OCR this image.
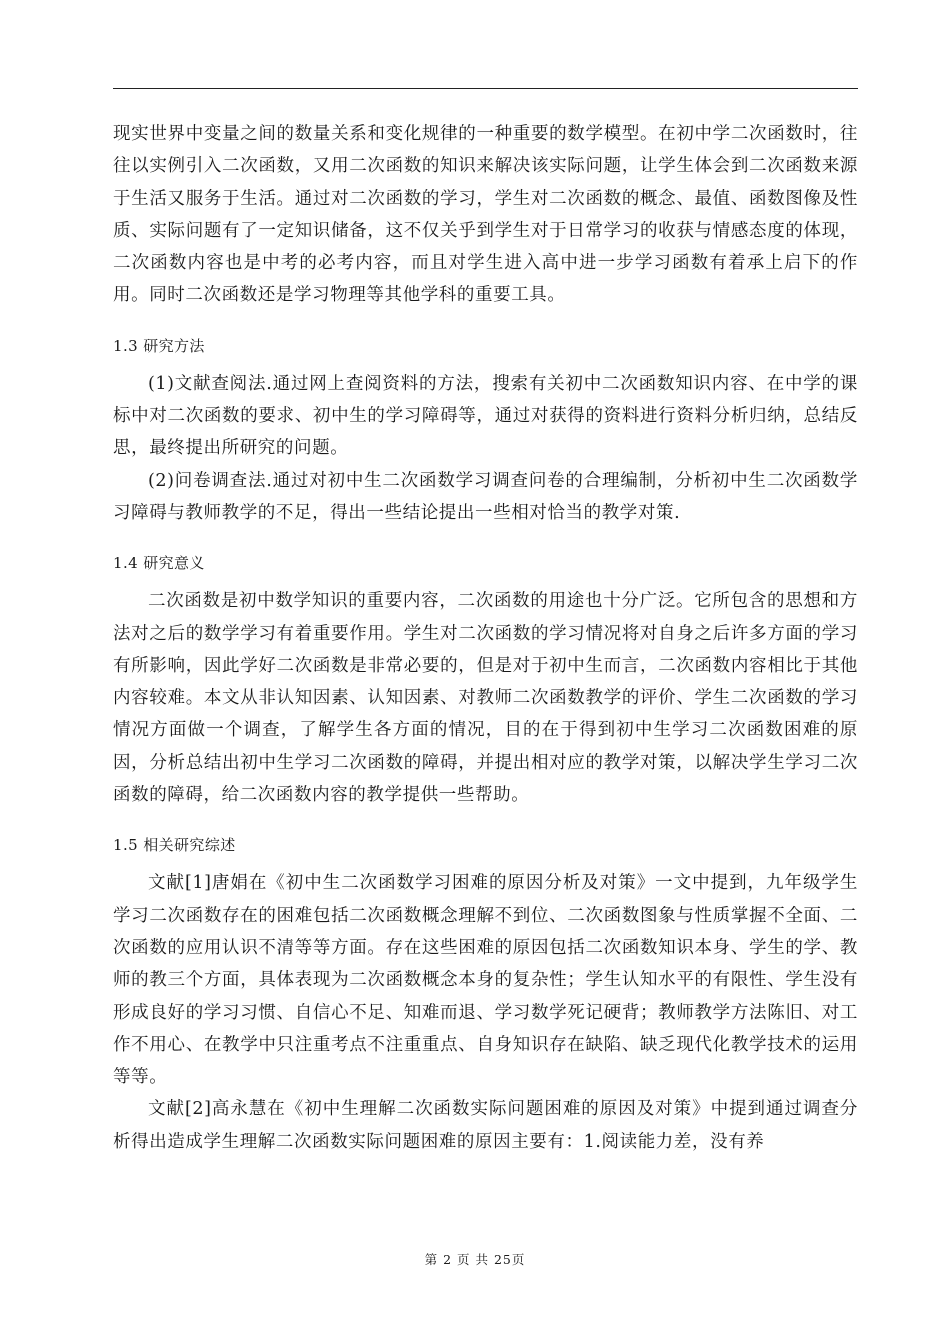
现实世界中变量之间的数量关系和变化规律的一种重要的数学模型。在初中学二次函数时，往往以实例引入二次函数，又用二次函数的知识来解决该实际问题，让学生体会到二次函数来源于生活又服务于生活。通过对二次函数的学习，学生对二次函数的概念、最值、函数图像及性质、实际问题有了一定知识储备，这不仅关乎到学生对于日常学习的收获与情感态度的体现，二次函数内容也是中考的必考内容，而且对学生进入高中进一步学习函数有着承上启下的作用。同时二次函数还是学习物理等其他学科的重要工具。

1.3 研究方法

(1)文献查阅法.通过网上查阅资料的方法，搜索有关初中二次函数知识内容、在中学的课标中对二次函数的要求、初中生的学习障碍等，通过对获得的资料进行资料分析归纳，总结反思，最终提出所研究的问题。

(2)问卷调查法.通过对初中生二次函数学习调查问卷的合理编制，分析初中生二次函数学习障碍与教师教学的不足，得出一些结论提出一些相对恰当的教学对策.

1.4 研究意义

二次函数是初中数学知识的重要内容，二次函数的用途也十分广泛。它所包含的思想和方法对之后的数学学习有着重要作用。学生对二次函数的学习情况将对自身之后许多方面的学习有所影响，因此学好二次函数是非常必要的，但是对于初中生而言，二次函数内容相比于其他内容较难。本文从非认知因素、认知因素、对教师二次函数教学的评价、学生二次函数的学习情况方面做一个调查，了解学生各方面的情况，目的在于得到初中生学习二次函数困难的原因，分析总结出初中生学习二次函数的障碍，并提出相对应的教学对策，以解决学生学习二次函数的障碍，给二次函数内容的教学提供一些帮助。

1.5 相关研究综述

文献[1]唐娟在《初中生二次函数学习困难的原因分析及对策》一文中提到，九年级学生学习二次函数存在的困难包括二次函数概念理解不到位、二次函数图象与性质掌握不全面、二次函数的应用认识不清等等方面。存在这些困难的原因包括二次函数知识本身、学生的学、教师的教三个方面，具体表现为二次函数概念本身的复杂性；学生认知水平的有限性、学生没有形成良好的学习习惯、自信心不足、知难而退、学习数学死记硬背；教师教学方法陈旧、对工作不用心、在教学中只注重考点不注重重点、自身知识存在缺陷、缺乏现代化教学技术的运用等等。

文献[2]高永慧在《初中生理解二次函数实际问题困难的原因及对策》中提到通过调查分析得出造成学生理解二次函数实际问题困难的原因主要有：1.阅读能力差，没有养

第 2 页 共 25页
